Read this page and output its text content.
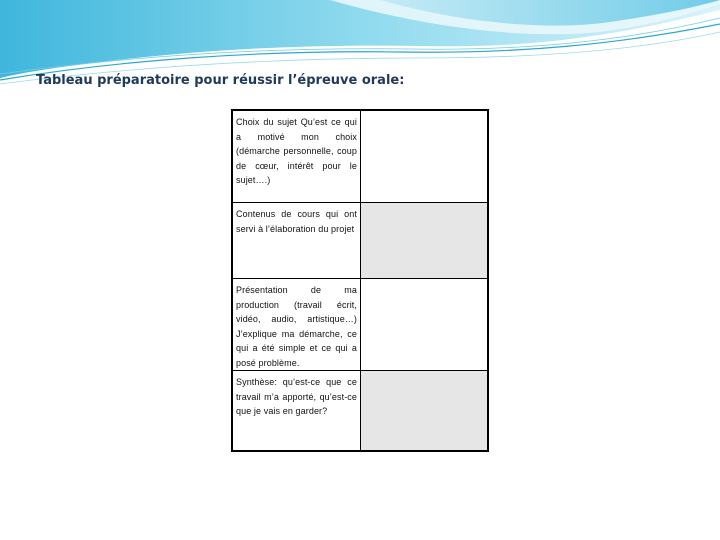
Tableau préparatoire pour réussir l’épreuve orale:
Choix du sujet Qu’est ce qui a motivé mon choix (démarche personnelle, coup de cœur, intérêt pour le sujet….)
Contenus de cours qui ont servi à l’élaboration du projet
Présentation de ma production (travail écrit, vidéo, audio, artistique…) J’explique ma démarche, ce qui a été simple et ce qui a posé problème.
Synthèse: qu’est-ce que ce travail m’a apporté, qu’est-ce que je vais en garder?
